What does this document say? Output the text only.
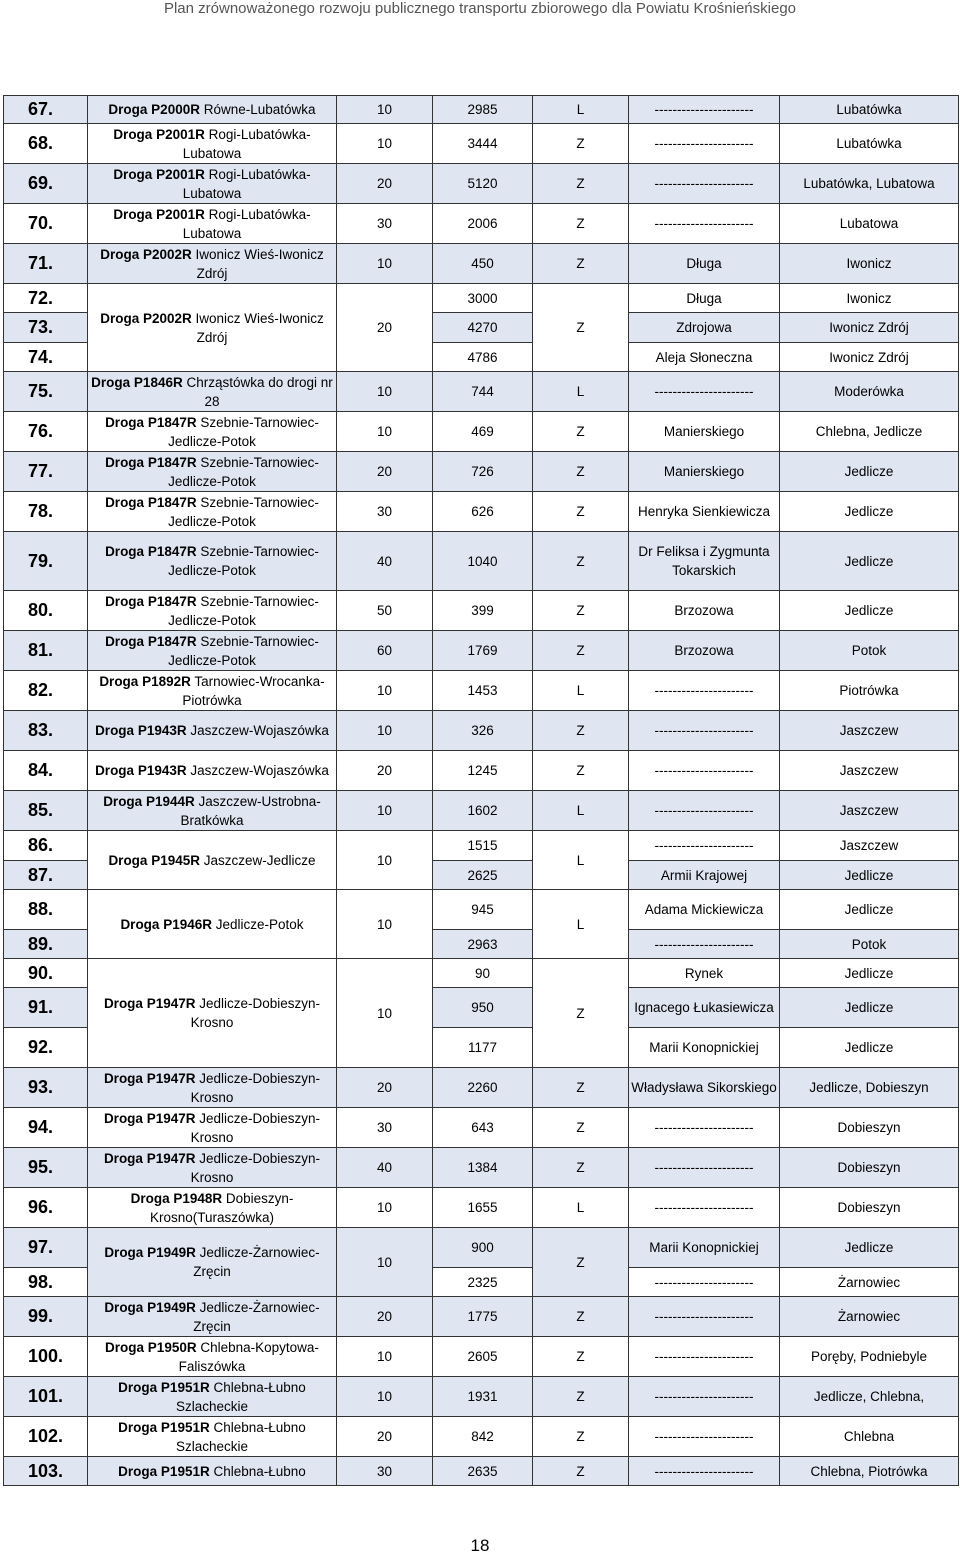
Plan zrównoważonego rozwoju publicznego transportu zbiorowego dla Powiatu Krośnieńskiego
67.	Droga P2000R Równe-Lubatówka	10	2985	L	----------------------	Lubatówka
68.	Droga P2001R Rogi-Lubatówka-Lubatowa	10	3444	Z	----------------------	Lubatówka
69.	Droga P2001R Rogi-Lubatówka-Lubatowa	20	5120	Z	----------------------	Lubatówka, Lubatowa
70.	Droga P2001R Rogi-Lubatówka-Lubatowa	30	2006	Z	----------------------	Lubatowa
71.	Droga P2002R Iwonicz Wieś-Iwonicz Zdrój	10	450	Z	Długa	Iwonicz
72.	Droga P2002R Iwonicz Wieś-Iwonicz Zdrój	20	3000	Z	Długa	Iwonicz
73.			4270		Zdrojowa	Iwonicz Zdrój
74.			4786		Aleja Słoneczna	Iwonicz Zdrój
75.	Droga P1846R Chrząstówka do drogi nr 28	10	744	L	----------------------	Moderówka
76.	Droga P1847R Szebnie-Tarnowiec-Jedlicze-Potok	10	469	Z	Manierskiego	Chlebna, Jedlicze
77.	Droga P1847R Szebnie-Tarnowiec-Jedlicze-Potok	20	726	Z	Manierskiego	Jedlicze
78.	Droga P1847R Szebnie-Tarnowiec-Jedlicze-Potok	30	626	Z	Henryka Sienkiewicza	Jedlicze
79.	Droga P1847R Szebnie-Tarnowiec-Jedlicze-Potok	40	1040	Z	Dr Feliksa i Zygmunta Tokarskich	Jedlicze
80.	Droga P1847R Szebnie-Tarnowiec-Jedlicze-Potok	50	399	Z	Brzozowa	Jedlicze
81.	Droga P1847R Szebnie-Tarnowiec-Jedlicze-Potok	60	1769	Z	Brzozowa	Potok
82.	Droga P1892R Tarnowiec-Wrocanka-Piotrówka	10	1453	L	----------------------	Piotrówka
83.	Droga P1943R Jaszczew-Wojaszówka	10	326	Z	----------------------	Jaszczew
84.	Droga P1943R Jaszczew-Wojaszówka	20	1245	Z	----------------------	Jaszczew
85.	Droga P1944R Jaszczew-Ustrobna-Bratkówka	10	1602	L	----------------------	Jaszczew
86.	Droga P1945R Jaszczew-Jedlicze	10	1515	L	----------------------	Jaszczew
87.			2625		Armii Krajowej	Jedlicze
88.	Droga P1946R Jedlicze-Potok	10	945	L	Adama Mickiewicza	Jedlicze
89.			2963		----------------------	Potok
90.	Droga P1947R Jedlicze-Dobieszyn-Krosno	10	90	Z	Rynek	Jedlicze
91.			950		Ignacego Łukasiewicza	Jedlicze
92.			1177		Marii Konopnickiej	Jedlicze
93.	Droga P1947R Jedlicze-Dobieszyn-Krosno	20	2260	Z	Władysława Sikorskiego	Jedlicze, Dobieszyn
94.	Droga P1947R Jedlicze-Dobieszyn-Krosno	30	643	Z	----------------------	Dobieszyn
95.	Droga P1947R Jedlicze-Dobieszyn-Krosno	40	1384	Z	----------------------	Dobieszyn
96.	Droga P1948R Dobieszyn-Krosno(Turaszówka)	10	1655	L	----------------------	Dobieszyn
97.	Droga P1949R Jedlicze-Żarnowiec-Zręcin	10	900	Z	Marii Konopnickiej	Jedlicze
98.			2325		----------------------	Żarnowiec
99.	Droga P1949R Jedlicze-Żarnowiec-Zręcin	20	1775	Z	----------------------	Żarnowiec
100.	Droga P1950R Chlebna-Kopytowa-Faliszówka	10	2605	Z	----------------------	Poręby, Podniebyle
101.	Droga P1951R Chlebna-Łubno Szlacheckie	10	1931	Z	----------------------	Jedlicze, Chlebna,
102.	Droga P1951R Chlebna-Łubno Szlacheckie	20	842	Z	----------------------	Chlebna
103.	Droga P1951R Chlebna-Łubno	30	2635	Z	----------------------	Chlebna, Piotrówka
18
